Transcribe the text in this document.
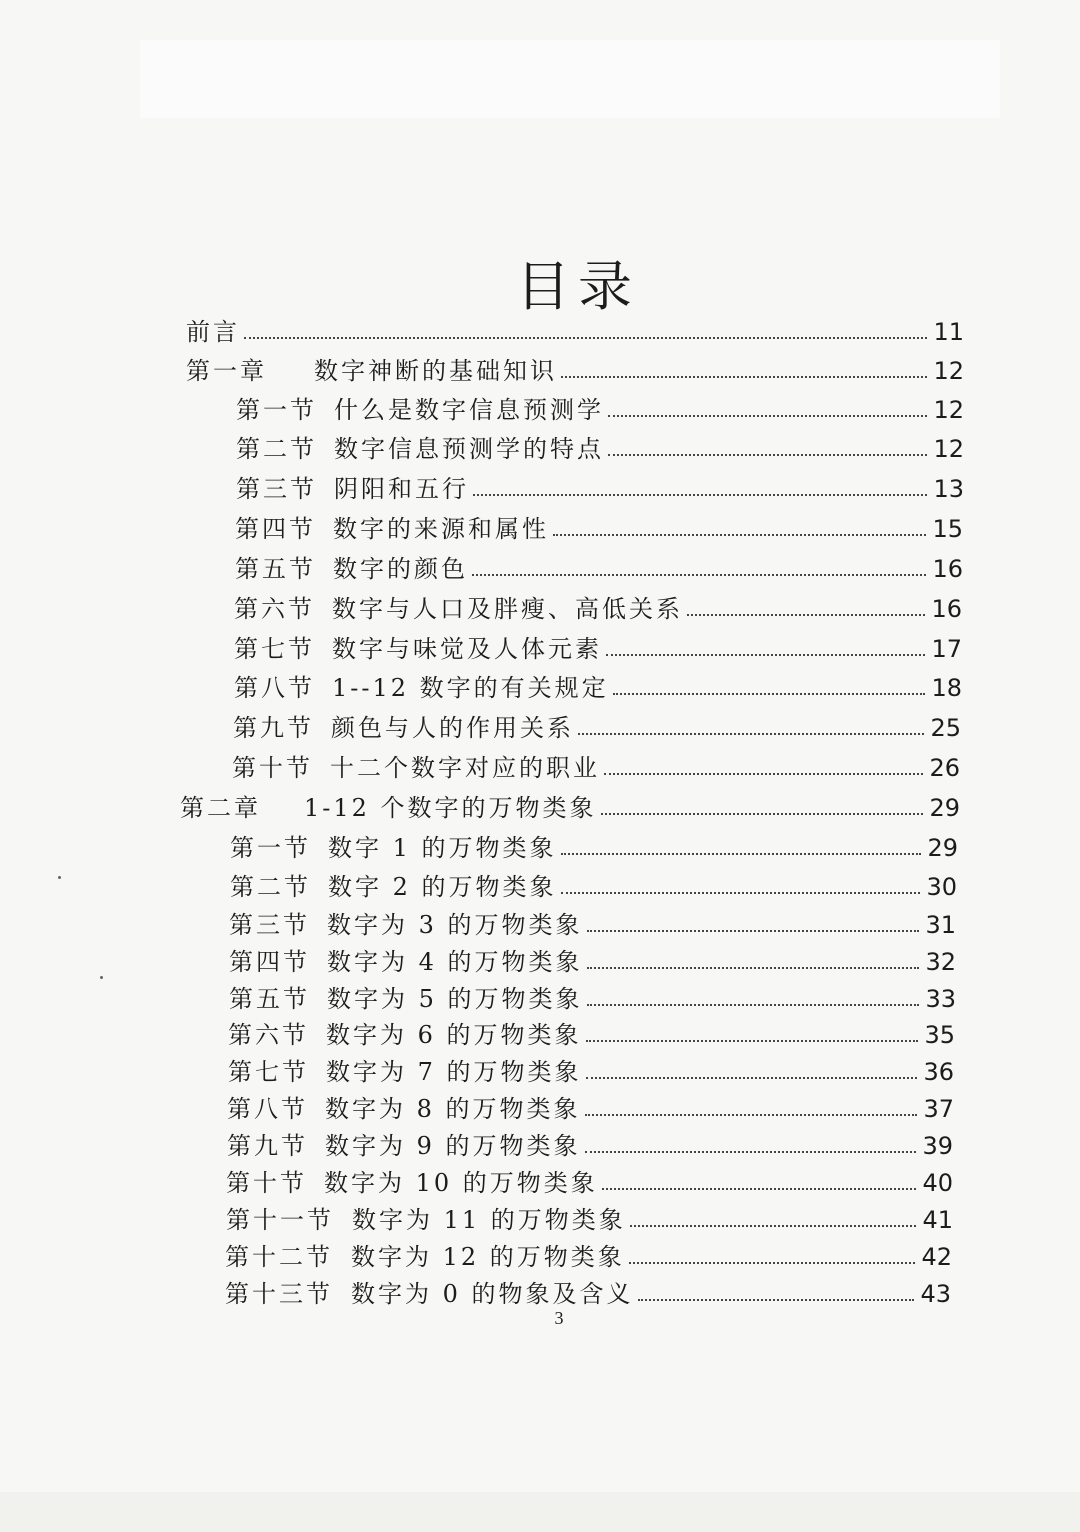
目录
前言	11
第一章 数字神断的基础知识	12
第一节 什么是数字信息预测学	12
第二节 数字信息预测学的特点	12
第三节 阴阳和五行	13
第四节 数字的来源和属性	15
第五节 数字的颜色	16
第六节 数字与人口及胖瘦、高低关系	16
第七节 数字与味觉及人体元素	17
第八节 1--12 数字的有关规定	18
第九节 颜色与人的作用关系	25
第十节 十二个数字对应的职业	26
第二章 1-12 个数字的万物类象	29
第一节 数字 1 的万物类象	29
第二节 数字 2 的万物类象	30
第三节 数字为 3 的万物类象	31
第四节 数字为 4 的万物类象	32
第五节 数字为 5 的万物类象	33
第六节 数字为 6 的万物类象	35
第七节 数字为 7 的万物类象	36
第八节 数字为 8 的万物类象	37
第九节 数字为 9 的万物类象	39
第十节 数字为 10 的万物类象	40
第十一节 数字为 11 的万物类象	41
第十二节 数字为 12 的万物类象	42
第十三节 数字为 0 的物象及含义	43
3
